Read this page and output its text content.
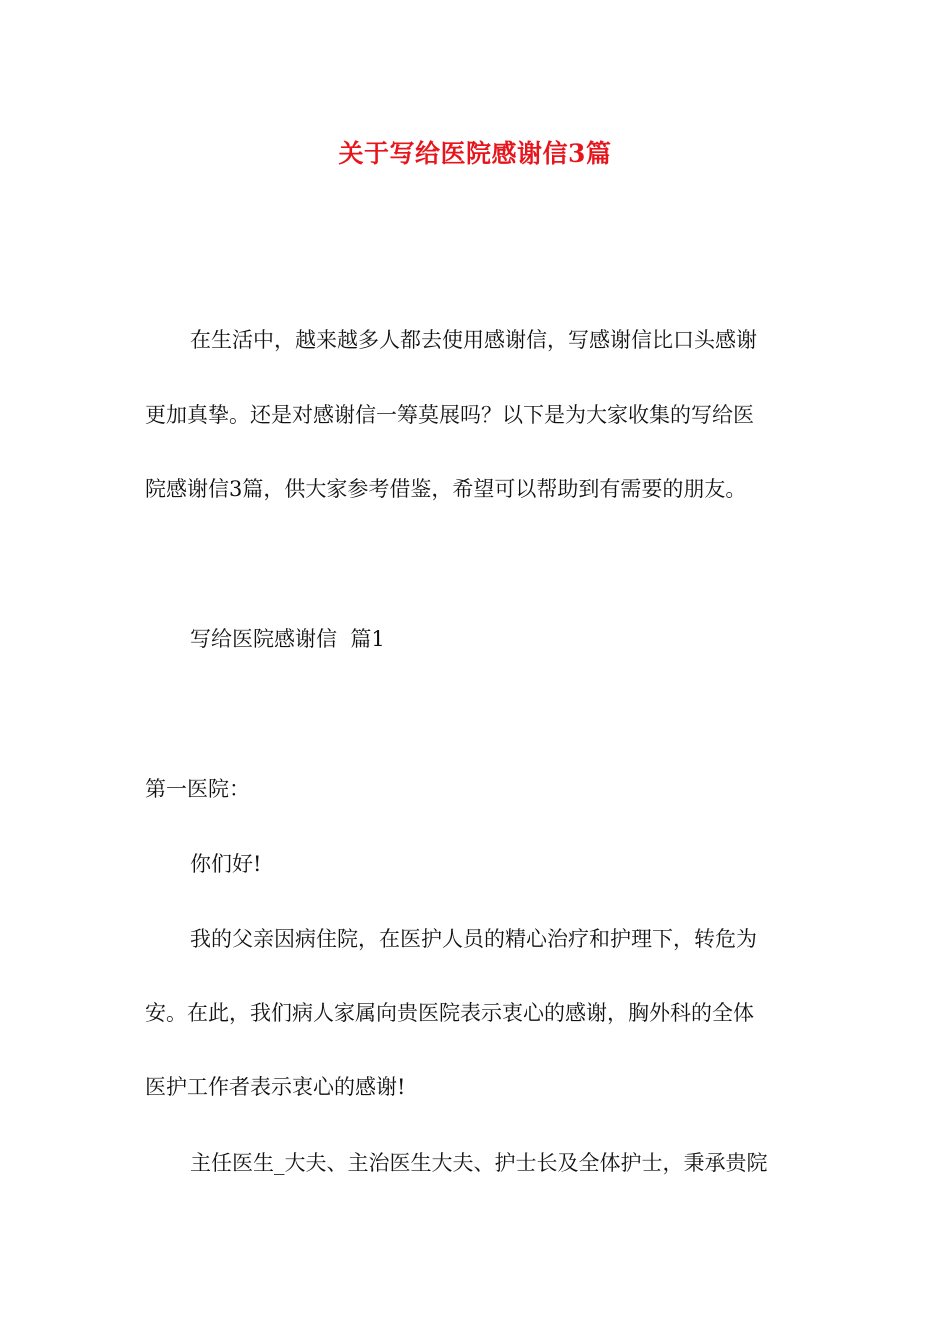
关于写给医院感谢信3篇
在生活中，越来越多人都去使用感谢信，写感谢信比口头感谢
更加真挚。还是对感谢信一筹莫展吗？以下是为大家收集的写给医
院感谢信3篇，供大家参考借鉴，希望可以帮助到有需要的朋友。
写给医院感谢信  篇1
第一医院：
你们好!
我的父亲因病住院，在医护人员的精心治疗和护理下，转危为
安。在此，我们病人家属向贵医院表示衷心的感谢，胸外科的全体
医护工作者表示衷心的感谢!
主任医生_大夫、主治医生大夫、护士长及全体护士，秉承贵院
